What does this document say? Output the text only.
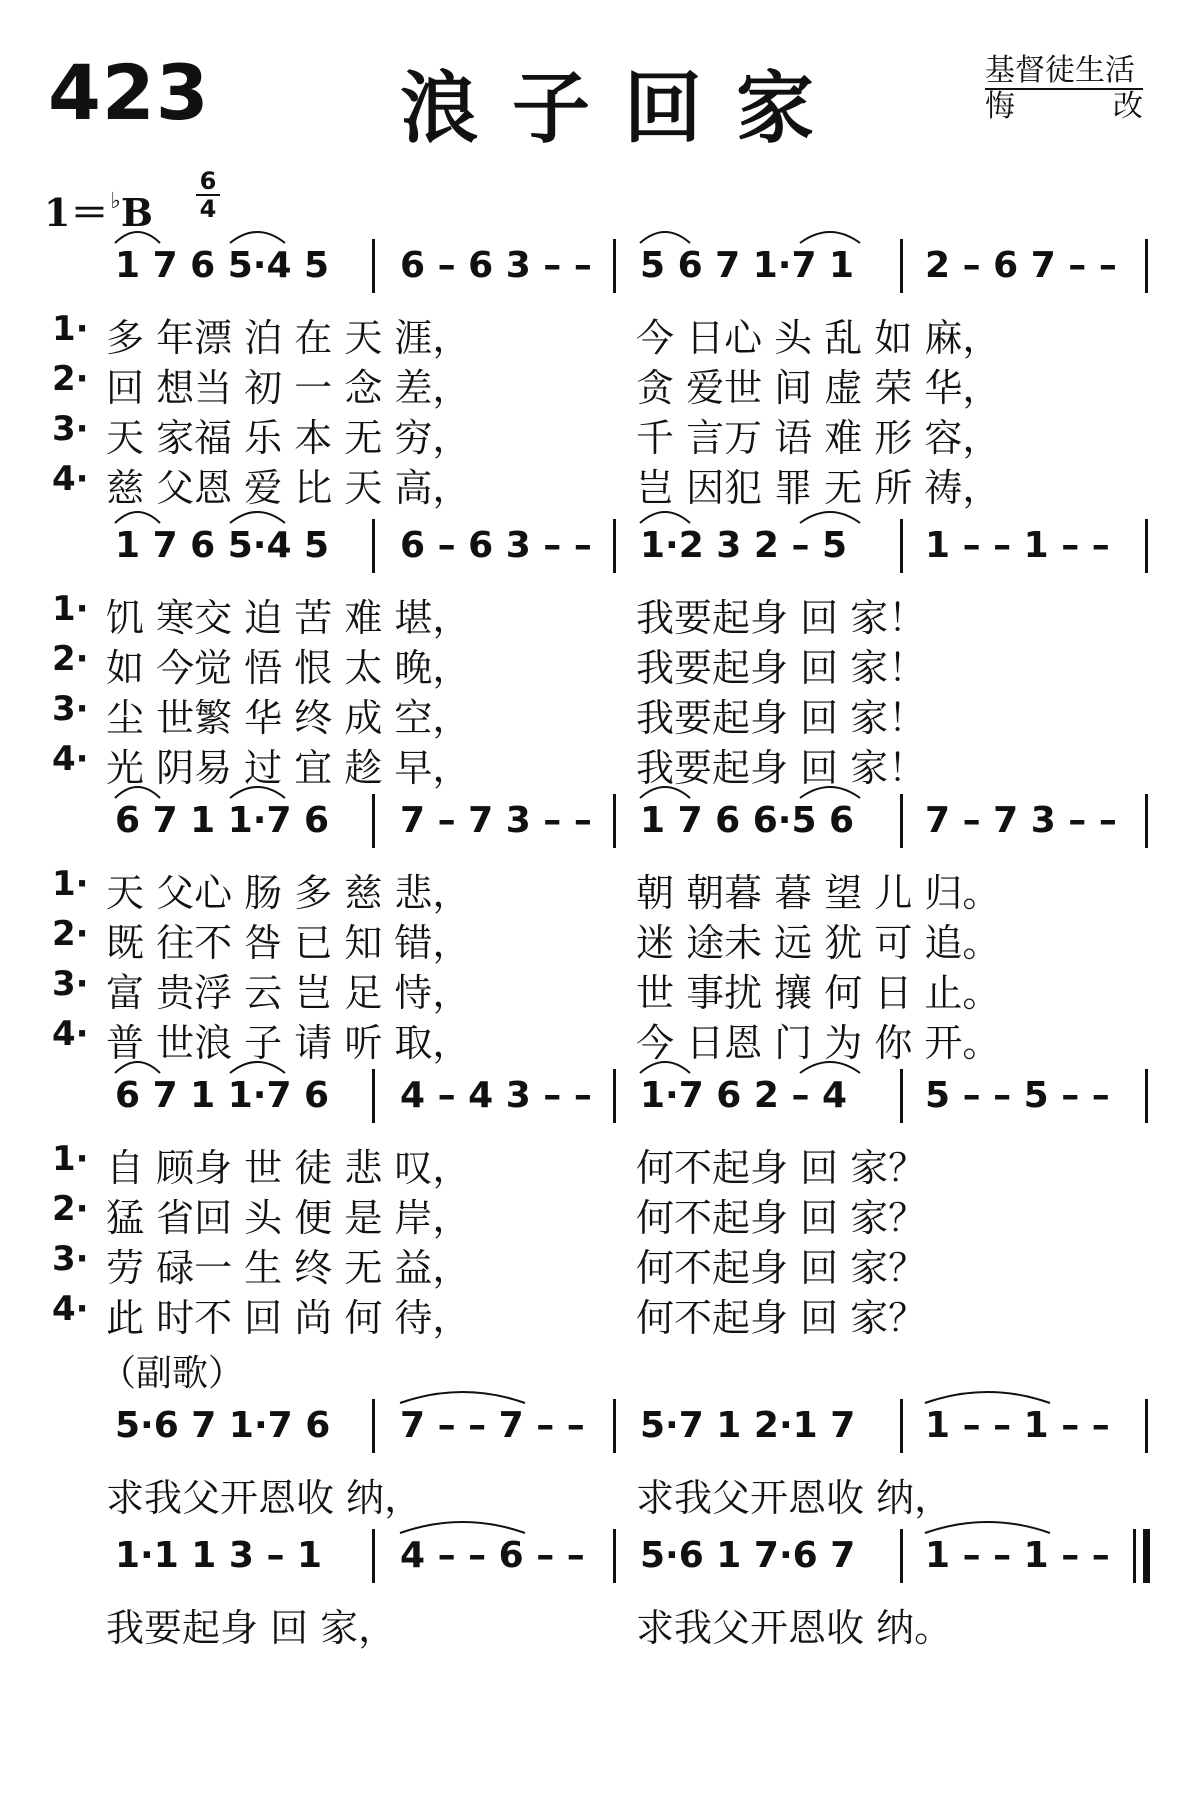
423 浪子回家	基督徒生活
悔	改
$1=^♭B \frac{6}{4}$
1 7 6 5·4 5 6 – 6 3 – – 5 6 7 1·7 1 2 – 6 7 – –
1· 多 年漂 泊 在 天 涯，	今 日心 头 乱 如 麻，
2· 回 想当 初 一 念 差，	贪 爱世 间 虚 荣 华，
3· 天 家福 乐 本 无 穷，	千 言万 语 难 形 容，
4· 慈 父恩 爱 比 天 高，	岂 因犯 罪 无 所 祷，
1 7 6 5·4 5 6 – 6 3 – – 1·2 3 2 – 5 1 – – 1 – –
1· 饥 寒交 迫 苦 难 堪，	我要起身 回 家！
2· 如 今觉 悟 恨 太 晚，	我要起身 回 家！
3· 尘 世繁 华 终 成 空，	我要起身 回 家！
4· 光 阴易 过 宜 趁 早，	我要起身 回 家！
6 7 1 1·7 6 7 – 7 3 – – 1 7 6 6·5 6 7 – 7 3 – –
1· 天 父心 肠 多 慈 悲，	朝 朝暮 暮 望 儿 归。
2· 既 往不 咎 已 知 错，	迷 途未 远 犹 可 追。
3· 富 贵浮 云 岂 足 恃，	世 事扰 攘 何 日 止。
4· 普 世浪 子 请 听 取，	今 日恩 门 为 你 开。
6 7 1 1·7 6 4 – 4 3 – – 1·7 6 2 – 4 5 – – 5 – –
1· 自 顾身 世 徒 悲 叹，	何不起身 回 家？
2· 猛 省回 头 便 是 岸，	何不起身 回 家？
3· 劳 碌一 生 终 无 益，	何不起身 回 家？
4· 此 时不 回 尚 何 待，	何不起身 回 家？
（副歌）
5·6 7 1·7 6 7 – – 7 – – 5·7 1 2·1 7 1 – – 1 – –
求我父开恩收 纳，	求我父开恩收 纳，
1·1 1 3 – 1 4 – – 6 – – 5·6 1 7·6 7 1 – – 1 – –
我要起身 回 家，	求我父开恩收 纳。
